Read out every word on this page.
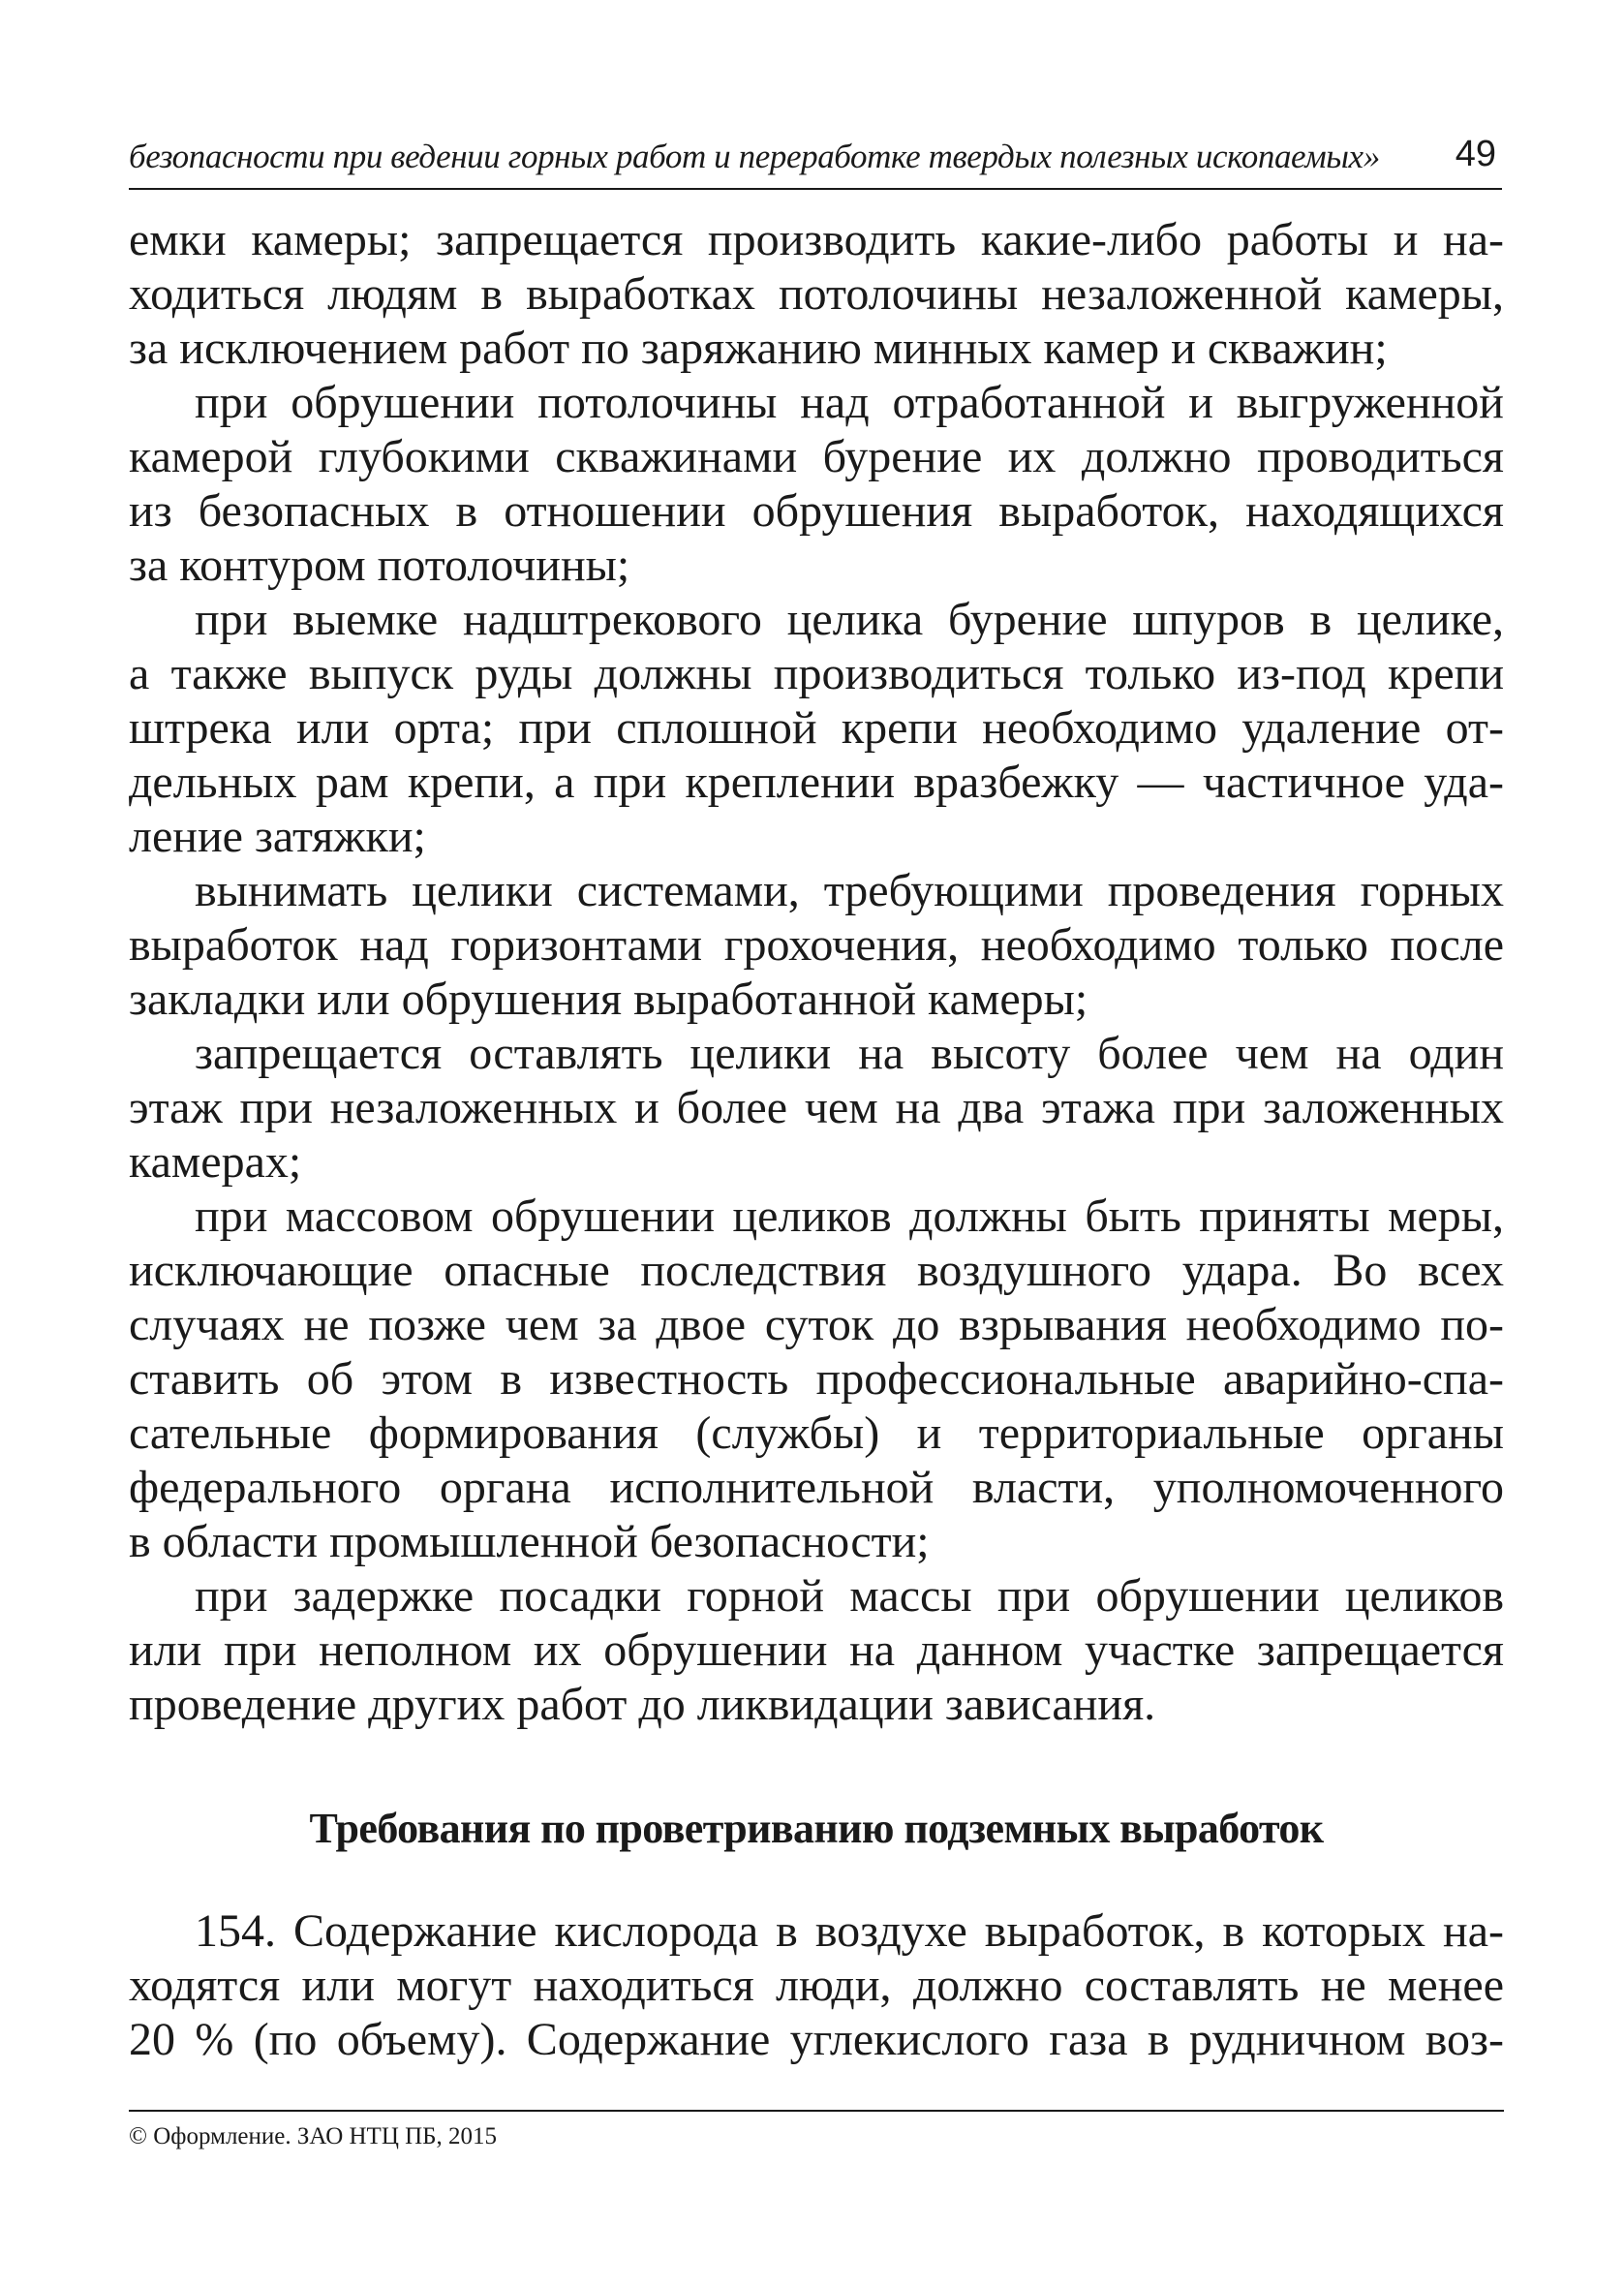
безопасности при ведении горных работ и переработке твердых полезных ископаемых» 49
емки камеры; запрещается производить какие-либо работы и на-
ходиться людям в выработках потолочины незаложенной камеры,
за исключением работ по заряжанию минных камер и скважин;
при обрушении потолочины над отработанной и выгруженной
камерой глубокими скважинами бурение их должно проводиться
из безопасных в отношении обрушения выработок, находящихся
за контуром потолочины;
при выемке надштрекового целика бурение шпуров в целике,
а также выпуск руды должны производиться только из-под крепи
штрека или орта; при сплошной крепи необходимо удаление от-
дельных рам крепи, а при креплении вразбежку — частичное уда-
ление затяжки;
вынимать целики системами, требующими проведения горных
выработок над горизонтами грохочения, необходимо только после
закладки или обрушения выработанной камеры;
запрещается оставлять целики на высоту более чем на один
этаж при незаложенных и более чем на два этажа при заложенных
камерах;
при массовом обрушении целиков должны быть приняты меры,
исключающие опасные последствия воздушного удара. Во всех
случаях не позже чем за двое суток до взрывания необходимо по-
ставить об этом в известность профессиональные аварийно-спа-
сательные формирования (службы) и территориальные органы
федерального органа исполнительной власти, уполномоченного
в области промышленной безопасности;
при задержке посадки горной массы при обрушении целиков
или при неполном их обрушении на данном участке запрещается
проведение других работ до ликвидации зависания.
Требования по проветриванию подземных выработок
154. Содержание кислорода в воздухе выработок, в которых на-
ходятся или могут находиться люди, должно составлять не менее
20 % (по объему). Содержание углекислого газа в рудничном воз-
© Оформление. ЗАО НТЦ ПБ, 2015
